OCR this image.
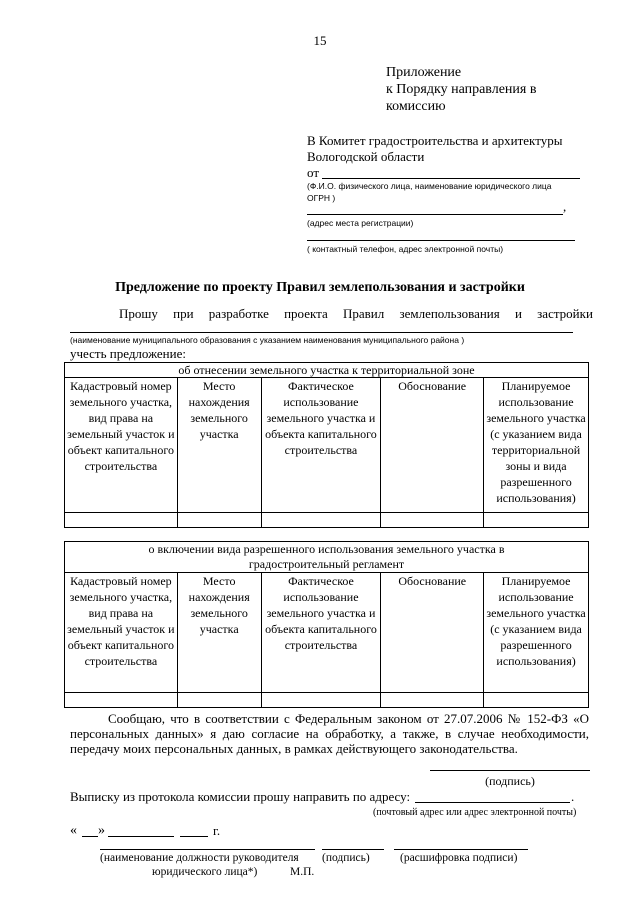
15
Приложение
к Порядку направления в
комиссию
В Комитет градостроительства и архитектуры
Вологодской области
от
(Ф.И.О. физического лица, наименование юридического лица
ОГРН )
,
(адрес места регистрации)
( контактный телефон, адрес электронной почты)
Предложение по проекту Правил землепользования и застройки
Прошу при разработке проекта Правил землепользования и застройки
(наименование муниципального образования с указанием наименования муниципального района )
учесть предложение:
об отнесении земельного участка к территориальной зоне				
Кадастровый номер земельного участка, вид права на земельный участок и объект капитального строительства	Место нахождения земельного участка	Фактическое использование земельного участка и объекта капитального строительства	Обоснование	Планируемое использование земельного участка (с указанием вида территориальной зоны и вида разрешенного использования)

о включении вида разрешенного использования земельного участка в градостроительный регламент				
Кадастровый номер земельного участка, вид права на земельный участок и объект капитального строительства	Место нахождения земельного участка	Фактическое использование земельного участка и объекта капитального строительства	Обоснование	Планируемое использование земельного участка (с указанием вида разрешенного использования)

Сообщаю, что в соответствии с Федеральным законом от 27.07.2006 № 152-ФЗ «О персональных данных» я даю согласие на обработку, а также, в случае необходимости, передачу моих персональных данных, в рамках действующего законодательства.
(подпись)
Выписку из протокола комиссии прошу направить по адресу:	.
(почтовый адрес или адрес электронной почты)
« »	г.
(наименование должности руководителя (подпись)	(расшифровка подписи)
юридического лица*)	М.П.
